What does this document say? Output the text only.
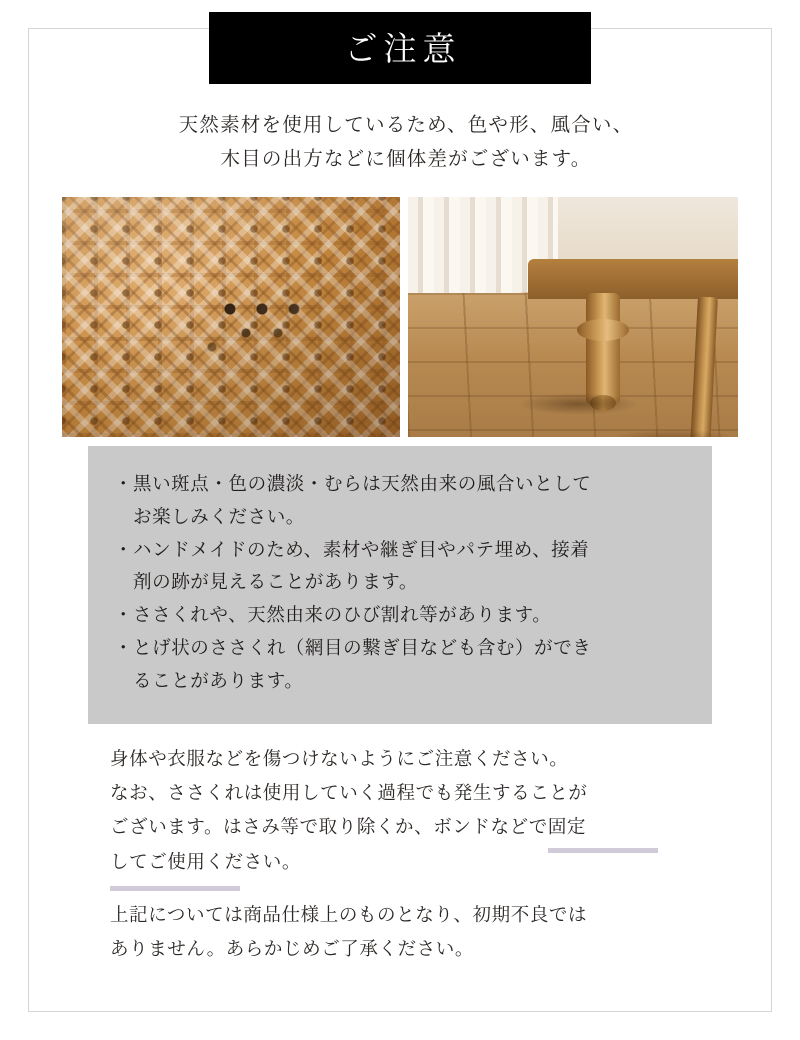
ご注意
天然素材を使用しているため、色や形、風合い、
木目の出方などに個体差がございます。
・ 黒い斑点・色の濃淡・むらは天然由来の風合いとして
お楽しみください。
・ ハンドメイドのため、素材や継ぎ目やパテ埋め、接着
剤の跡が見えることがあります。
・ ささくれや、天然由来のひび割れ等があります。
・ とげ状のささくれ（網目の繋ぎ目なども含む）ができ
ることがあります。
身体や衣服などを傷つけないようにご注意ください。
なお、ささくれは使用していく過程でも発生することが
ございます。はさみ等で取り除くか、ボンドなどで固定
してご使用ください。
上記については商品仕様上のものとなり、初期不良では
ありません。あらかじめご了承ください。
